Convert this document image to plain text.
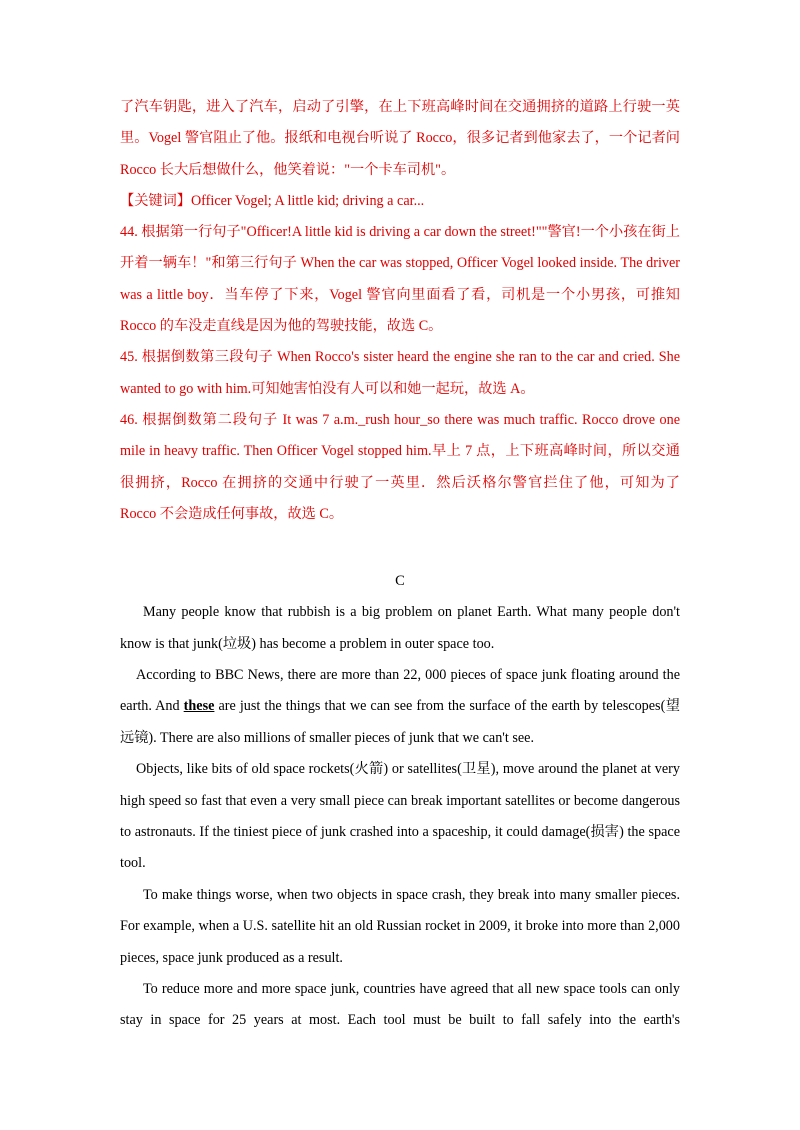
了汽车钥匙，进入了汽车，启动了引擎，在上下班高峰时间在交通拥挤的道路上行驶一英里。Vogel 警官阻止了他。报纸和电视台听说了 Rocco，很多记者到他家去了，一个记者问 Rocco 长大后想做什么，他笑着说："一个卡车司机"。

【关键词】Officer Vogel; A little kid; driving a car...

44. 根据第一行句子"Officer!A little kid is driving a car down the street!""警官!一个小孩在街上开着一辆车！"和第三行句子 When the car was stopped, Officer Vogel looked inside. The driver was a little boy．当车停了下来，Vogel 警官向里面看了看，司机是一个小男孩，可推知 Rocco 的车没走直线是因为他的驾驶技能，故选 C。

45. 根据倒数第三段句子 When Rocco's sister heard the engine she ran to the car and cried. She wanted to go with him.可知她害怕没有人可以和她一起玩，故选 A。

46. 根据倒数第二段句子 It was 7 a.m._rush hour_so there was much traffic. Rocco drove one mile in heavy traffic. Then Officer Vogel stopped him.早上 7 点，上下班高峰时间，所以交通很拥挤，Rocco 在拥挤的交通中行驶了一英里．然后沃格尔警官拦住了他，可知为了 Rocco 不会造成任何事故，故选 C。

C

Many people know that rubbish is a big problem on planet Earth. What many people don't know is that junk(垃圾) has become a problem in outer space too.

According to BBC News, there are more than 22, 000 pieces of space junk floating around the earth. And these are just the things that we can see from the surface of the earth by telescopes(望远镜). There are also millions of smaller pieces of junk that we can't see.

Objects, like bits of old space rockets(火箭) or satellites(卫星), move around the planet at very high speed so fast that even a very small piece can break important satellites or become dangerous to astronauts. If the tiniest piece of junk crashed into a spaceship, it could damage(损害) the space tool.

To make things worse, when two objects in space crash, they break into many smaller pieces. For example, when a U.S. satellite hit an old Russian rocket in 2009, it broke into more than 2,000 pieces, space junk produced as a result.

To reduce more and more space junk, countries have agreed that all new space tools can only stay in space for 25 years at most. Each tool must be built to fall safely into the earth's
